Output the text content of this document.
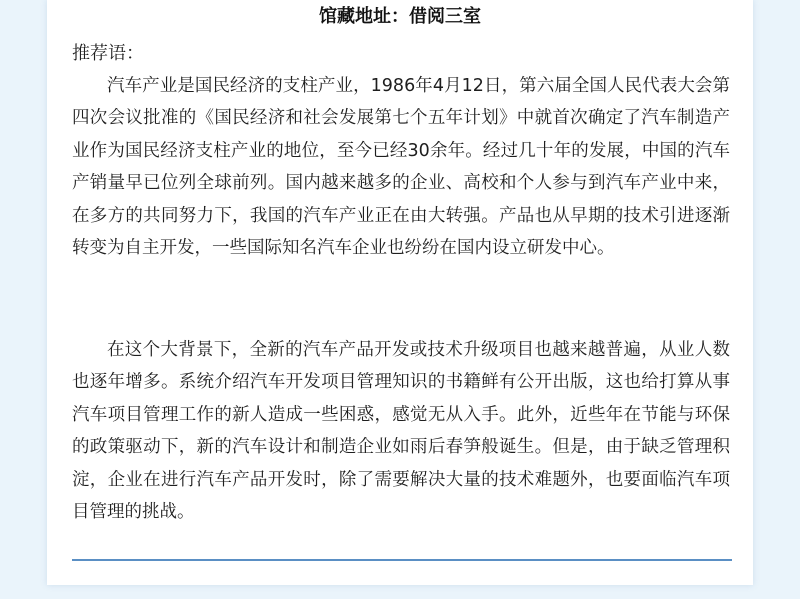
馆藏地址：借阅三室
推荐语：

汽车产业是国民经济的支柱产业，1986年4月12日，第六届全国人民代表大会第四次会议批准的《国民经济和社会发展第七个五年计划》中就首次确定了汽车制造产业作为国民经济支柱产业的地位，至今已经30余年。经过几十年的发展，中国的汽车产销量早已位列全球前列。国内越来越多的企业、高校和个人参与到汽车产业中来，在多方的共同努力下，我国的汽车产业正在由大转强。产品也从早期的技术引进逐渐转变为自主开发，一些国际知名汽车企业也纷纷在国内设立研发中心。

在这个大背景下，全新的汽车产品开发或技术升级项目也越来越普遍，从业人数也逐年增多。系统介绍汽车开发项目管理知识的书籍鲜有公开出版，这也给打算从事汽车项目管理工作的新人造成一些困惑，感觉无从入手。此外，近些年在节能与环保的政策驱动下，新的汽车设计和制造企业如雨后春笋般诞生。但是，由于缺乏管理积淀，企业在进行汽车产品开发时，除了需要解决大量的技术难题外，也要面临汽车项目管理的挑战。
